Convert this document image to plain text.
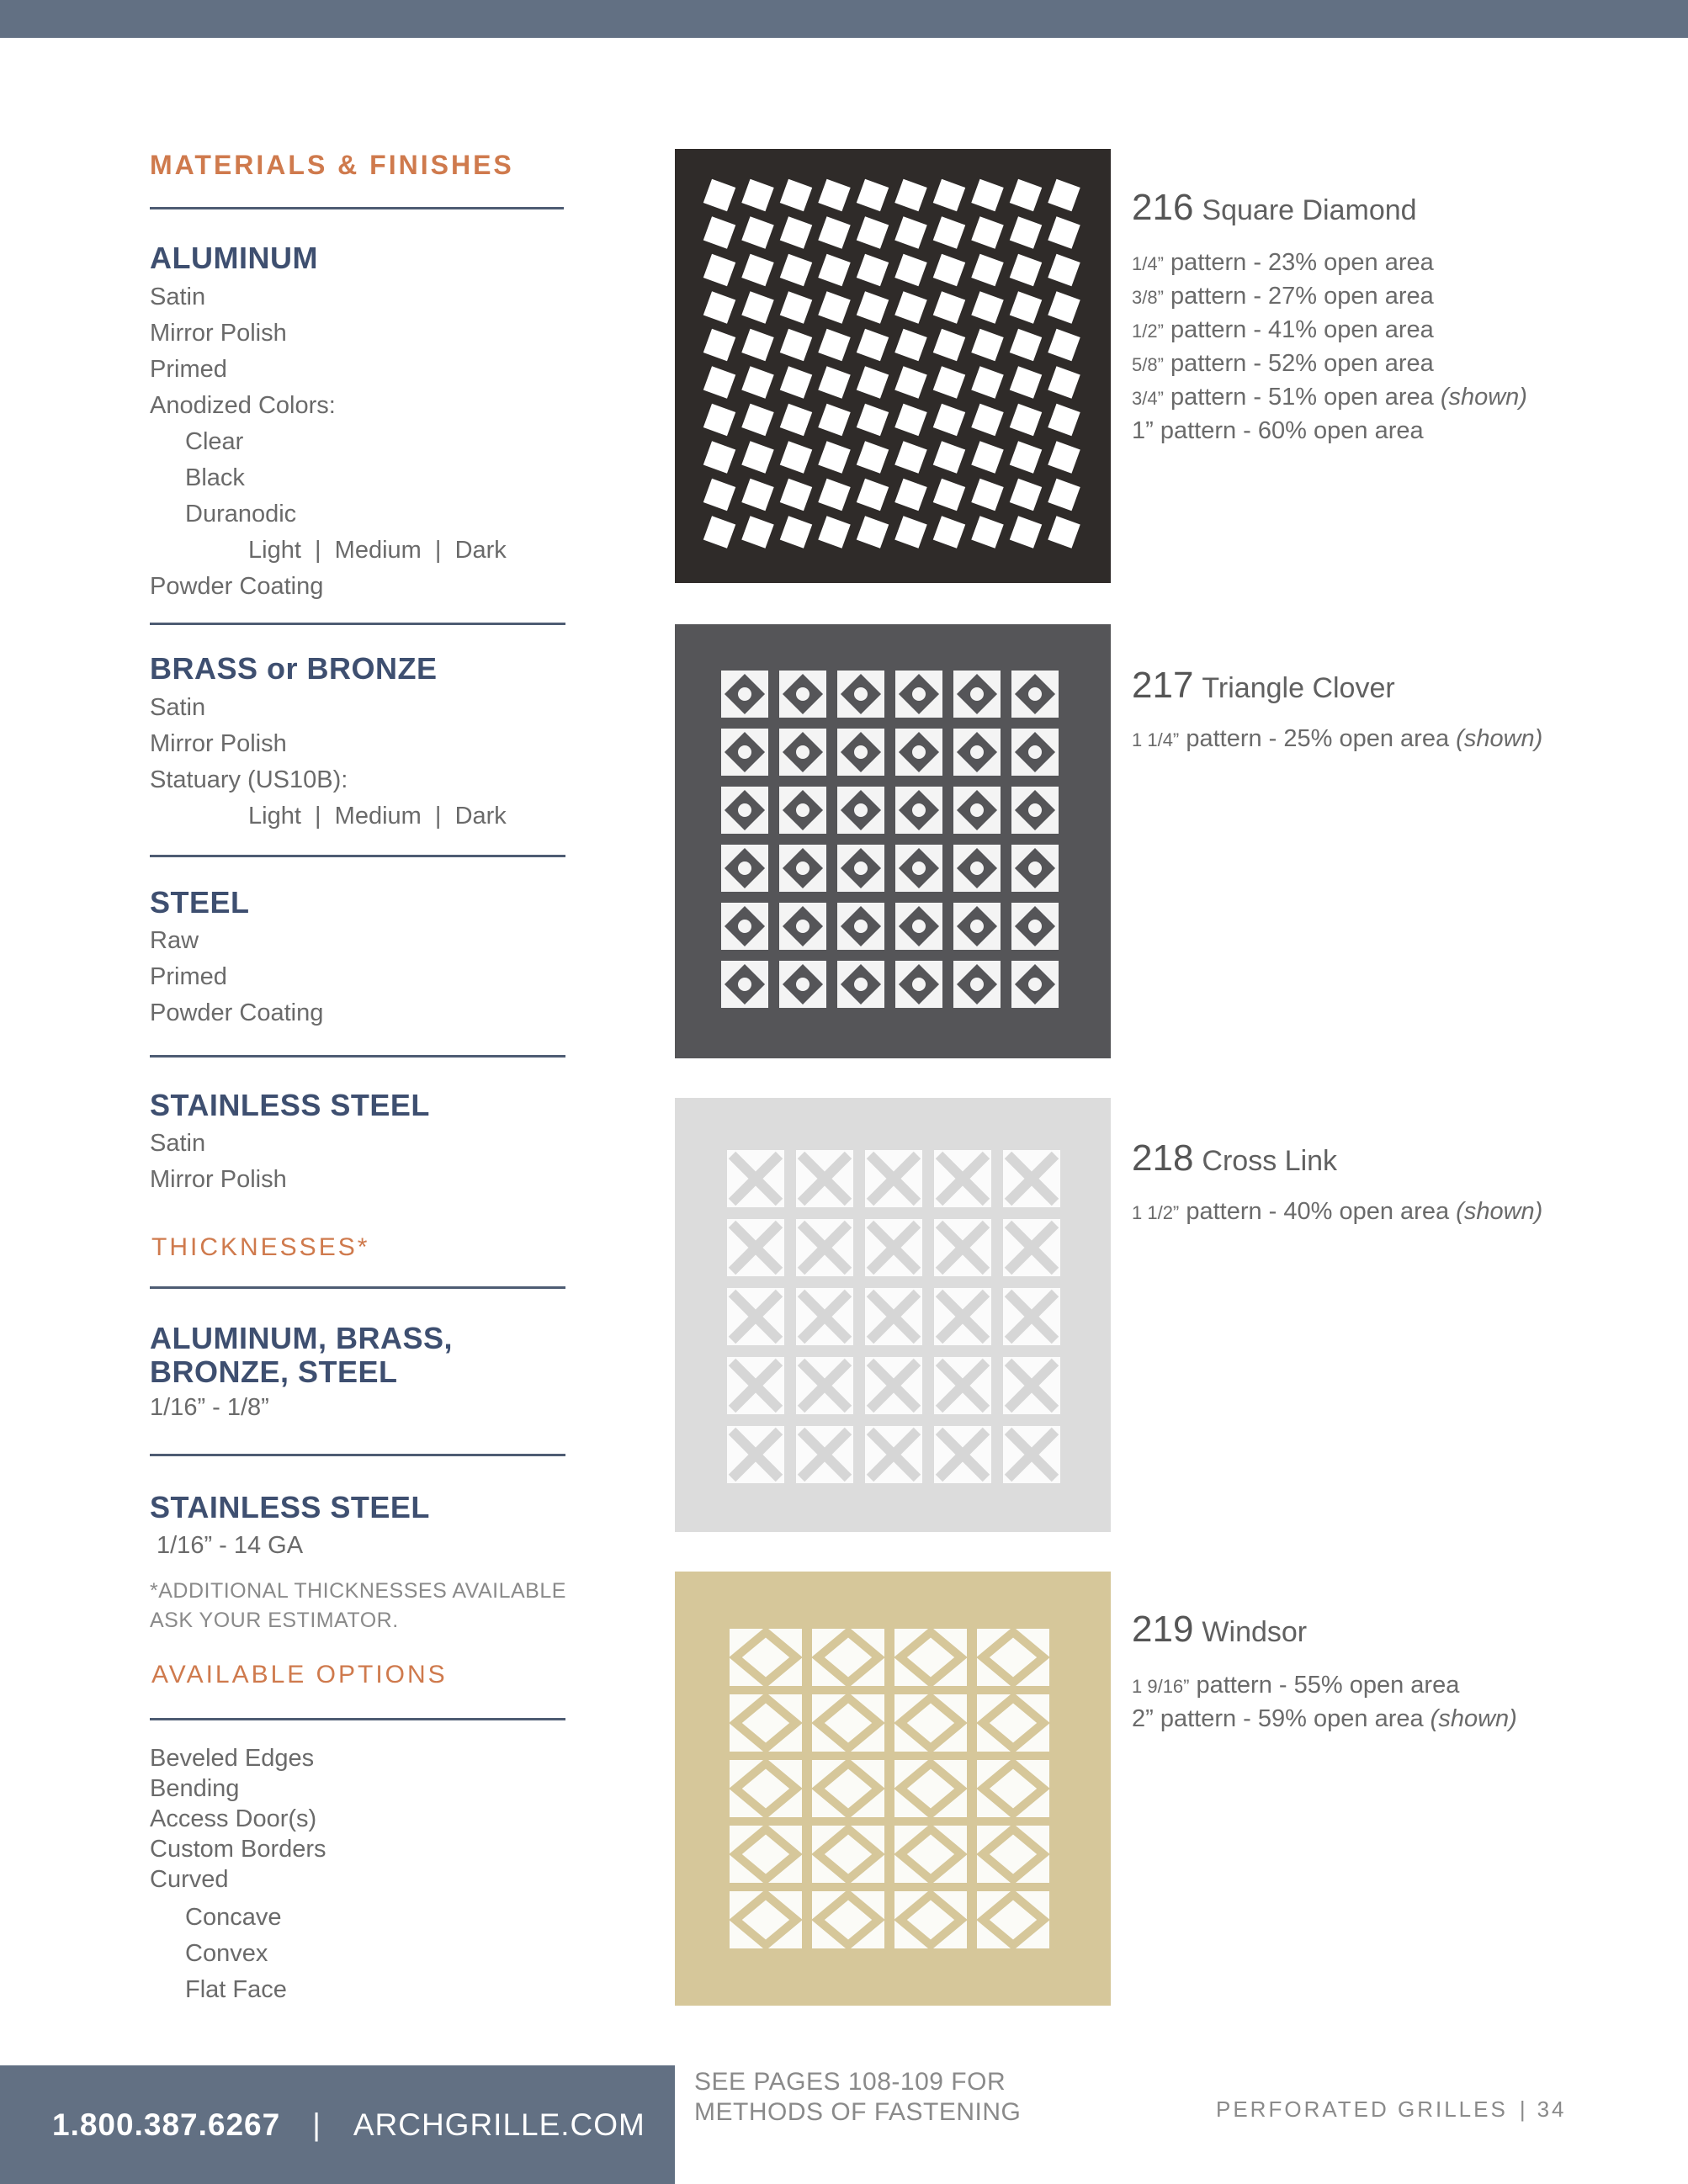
MATERIALS & FINISHES
ALUMINUM
Satin
Mirror Polish
Primed
Anodized Colors:
Clear
Black
Duranodic
Light  |  Medium  |  Dark
Powder Coating
BRASS or BRONZE
Satin
Mirror Polish
Statuary (US10B):
Light  |  Medium  |  Dark
STEEL
Raw
Primed
Powder Coating
STAINLESS STEEL
Satin
Mirror Polish
THICKNESSES*
ALUMINUM, BRASS,
BRONZE, STEEL
1/16” - 1/8”
STAINLESS STEEL
1/16” - 14 GA
*ADDITIONAL THICKNESSES AVAILABLE
ASK YOUR ESTIMATOR.
AVAILABLE OPTIONS
Beveled Edges
Bending
Access Door(s)
Custom Borders
Curved
Concave
Convex
Flat Face
216 Square Diamond
1/4” pattern - 23% open area
3/8” pattern - 27% open area
1/2” pattern - 41% open area
5/8” pattern - 52% open area
3/4” pattern - 51% open area (shown)
1” pattern - 60% open area
217 Triangle Clover
1 1/4” pattern - 25% open area (shown)
218 Cross Link
1 1/2” pattern - 40% open area (shown)
219 Windsor
1 9/16” pattern - 55% open area
2” pattern - 59% open area (shown)
1.800.387.6267 | ARCHGRILLE.COM
SEE PAGES 108-109 FOR
METHODS OF FASTENING	PERFORATED GRILLES | 34
